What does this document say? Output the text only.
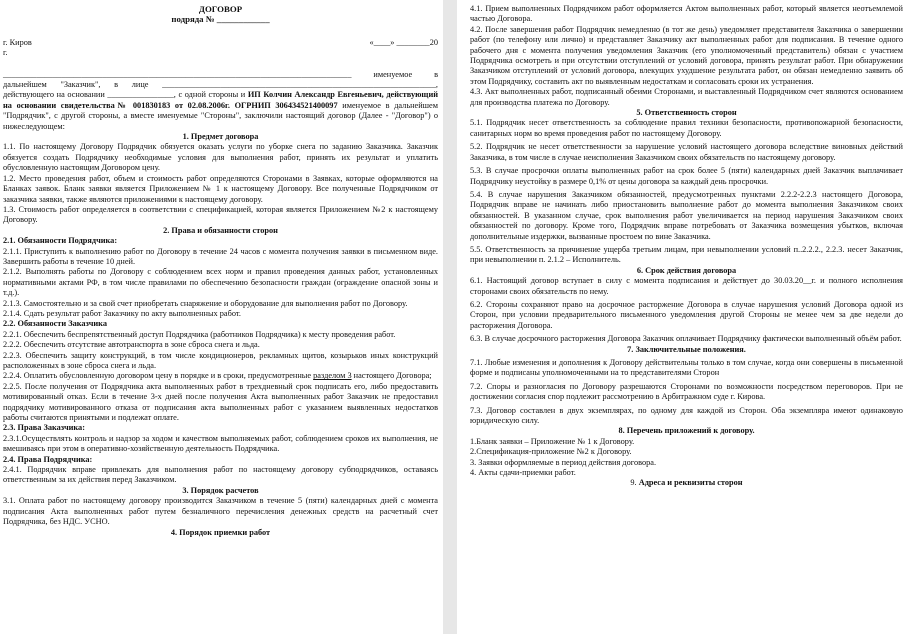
ДОГОВОР

подряда № ____________

г. Киров	«____» ________20

г.

____________________________________________________________________________________ именуемое в дальнейшем "Заказчик", в лице __________________________________________________________________, действующего на основании ________________, с одной стороны и ИП Колчин Александр Евгеньевич, действующий на основании свидетельства№ 001830183 от 02.08.2006г. ОГРНИП 306434521400097 именуемое в дальнейшем "Подрядчик", с другой стороны, а вместе именуемые "Стороны", заключили настоящий договор (Далее - "Договор") о нижеследующем:

1. Предмет договора

1.1. По настоящему Договору Подрядчик обязуется оказать услуги по уборке снега по заданию Заказчика. Заказчик обязуется создать Подрядчику необходимые условия для выполнения работ, принять их результат и уплатить обусловленную настоящим Договором цену.

1.2. Место проведения работ, объем и стоимость работ определяются Сторонами в Заявках, которые оформляются на Бланках заявок. Бланк заявки является Приложением № 1 к настоящему Договору. Все полученные Подрядчиком от заказчика заявки, также являются приложениями к настоящему договору.

1.3. Стоимость работ определяется в соответствии с спецификацией, которая является Приложением №2 к настоящему Договору.

2. Права и обязанности сторон

2.1. Обязанности Подрядчика:

2.1.1. Приступить к выполнению работ по Договору в течение 24 часов с момента получения заявки в письменном виде. Завершить работы в течение 10 дней.

2.1.2. Выполнять работы по Договору с соблюдением всех норм и правил проведения данных работ, установленных нормативными актами РФ, в том числе правилами по обеспечению безопасности граждан (ограждение опасной зоны и т.д.).

2.1.3. Самостоятельно и за свой счет приобретать снаряжение и оборудование для выполнения работ по Договору.

2.1.4. Сдать результат работ Заказчику по акту выполненных работ.

2.2. Обязанности Заказчика

2.2.1. Обеспечить беспрепятственный доступ Подрядчика (работников Подрядчика) к месту проведения работ.

2.2.2. Обеспечить отсутствие автотранспорта в зоне сброса снега и льда.

2.2.3. Обеспечить защиту конструкций, в том числе кондиционеров, рекламных щитов, козырьков иных конструкций расположенных в зоне сброса снега и льда.

2.2.4. Оплатить обусловленную договором цену в порядке и в сроки, предусмотренные разделом 3 настоящего Договора;

2.2.5. После получения от Подрядчика акта выполненных работ в трехдневный срок подписать его, либо предоставить мотивированный отказ. Если в течение 3-х дней после получения Акта выполненных работ Заказчик не предоставил подрядчику мотивированного отказа от подписания акта выполненных работ с указанием выявленных недостатков работы считаются принятыми и подлежат оплате.

2.3. Права Заказчика:

2.3.1.Осуществлять контроль и надзор за ходом и качеством выполняемых работ, соблюдением сроков их выполнения, не вмешиваясь при этом в оперативно-хозяйственную деятельность Подрядчика.

2.4. Права Подрядчика:

2.4.1. Подрядчик вправе привлекать для выполнения работ по настоящему договору субподрядчиков, оставаясь ответственным за их действия перед Заказчиком.

3. Порядок расчетов

3.1. Оплата работ по настоящему договору производится Заказчиком в течение 5 (пяти) календарных дней с момента подписания Акта выполненных работ путем безналичного перечисления денежных средств на расчетный счет Подрядчика, без НДС. УСНО.

4. Порядок приемки работ

4.1. Прием выполненных Подрядчиком работ оформляется Актом выполненных работ, который является неотъемлемой частью Договора.

4.2. После завершения работ Подрядчик немедленно (в тот же день) уведомляет представителя Заказчика о завершении работ (по телефону или лично) и представляет Заказчику акт выполненных работ для подписания. В течение одного рабочего дня с момента получения уведомления Заказчик (его уполномоченный представитель) обязан с участием Подрядчика осмотреть и при отсутствии отступлений от условий договора, принять результат работ. При обнаружении Заказчиком отступлений от условий договора, влекущих ухудшение результата работ, он обязан немедленно заявить об этом Подрядчику, составить акт по выявленным недостаткам и согласовать сроки их устранения.

4.3. Акт выполненных работ, подписанный обеими Сторонами, и выставленный Подрядчиком счет являются основанием для производства платежа по Договору.

5. Ответственность сторон

5.1. Подрядчик несет ответственность за соблюдение правил техники безопасности, противопожарной безопасности, санитарных норм во время проведения работ по настоящему Договору.

5.2. Подрядчик не несет ответственности за нарушение условий настоящего договора вследствие виновных действий Заказчика, в том числе в случае неисполнения Заказчиком своих обязательств по настоящему договору.

5.3. В случае просрочки оплаты выполненных работ на срок более 5 (пяти) календарных дней Заказчик выплачивает Подрядчику неустойку в размере 0,1% от цены договора за каждый день просрочки.

5.4. В случае нарушения Заказчиком обязанностей, предусмотренных пунктами 2.2.2-2.2.3 настоящего Договора, Подрядчик вправе не начинать либо приостановить выполнение работ до момента выполнения Заказчиком своих обязанностей. В указанном случае, срок выполнения работ увеличивается на период нарушения Заказчиком своих обязанностей по договору. Кроме того, Подрядчик вправе потребовать от Заказчика возмещения убытков, включая дополнительные издержки, вызванные простоем по вине Заказчика.

5.5. Ответственность за причинение ущерба третьим лицам, при невыполнении условий п..2.2.2., 2.2.3. несет Заказчик, при невыполнении п. 2.1.2 – Исполнитель.

6. Срок действия договора

6.1. Настоящий договор вступает в силу с момента подписания и действует до 30.03.20__г. и полного исполнения сторонами своих обязательств по нему.

6.2. Стороны сохраняют право на досрочное расторжение Договора в случае нарушения условий Договора одной из Сторон, при условии предварительного письменного уведомления другой Стороны не менее чем за две недели до расторжения Договора.

6.3. В случае досрочного расторжения Договора Заказчик оплачивает Подрядчику фактически выполненный объём работ.

7. Заключительные положения.

7.1. Любые изменения и дополнения к Договору действительны только в том случае, когда они совершены в письменной форме и подписаны уполномоченными на то представителями Сторон

7.2. Споры и разногласия по Договору разрешаются Сторонами по возможности посредством переговоров. При не достижении согласия спор подлежит рассмотрению в Арбитражном суде г. Кирова.

7.3. Договор составлен в двух экземплярах, по одному для каждой из Сторон. Оба экземпляра имеют одинаковую юридическую силу.

8. Перечень приложений к договору.

1.Бланк заявки – Приложение № 1 к Договору.

2.Спецификация-приложение №2 к Договору.

3. Заявки оформляемые в период действия договора.

4. Акты сдачи-приемки работ.

9. Адреса и реквизиты сторон
